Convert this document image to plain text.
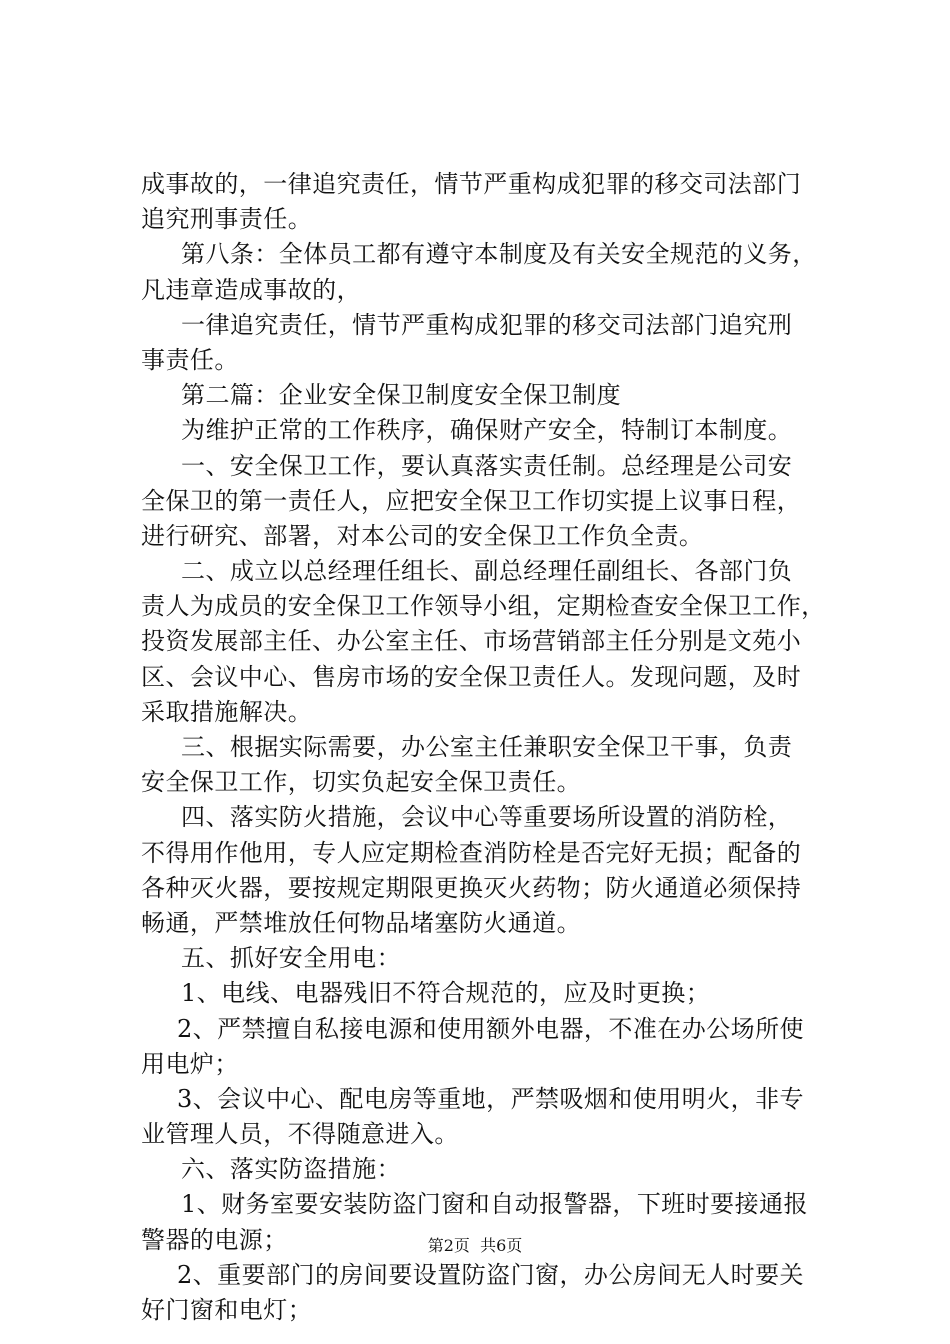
成事故的，一律追究责任，情节严重构成犯罪的移交司法部门
追究刑事责任。
第八条：全体员工都有遵守本制度及有关安全规范的义务，
凡违章造成事故的，
一律追究责任，情节严重构成犯罪的移交司法部门追究刑
事责任。
第二篇：企业安全保卫制度安全保卫制度
为维护正常的工作秩序，确保财产安全，特制订本制度。
一、安全保卫工作，要认真落实责任制。总经理是公司安
全保卫的第一责任人，应把安全保卫工作切实提上议事日程，
进行研究、部署，对本公司的安全保卫工作负全责。
二、成立以总经理任组长、副总经理任副组长、各部门负
责人为成员的安全保卫工作领导小组，定期检查安全保卫工作，
投资发展部主任、办公室主任、市场营销部主任分别是文苑小
区、会议中心、售房市场的安全保卫责任人。发现问题，及时
采取措施解决。
三、根据实际需要，办公室主任兼职安全保卫干事，负责
安全保卫工作，切实负起安全保卫责任。
四、落实防火措施，会议中心等重要场所设置的消防栓，
不得用作他用，专人应定期检查消防栓是否完好无损；配备的
各种灭火器，要按规定期限更换灭火药物；防火通道必须保持
畅通，严禁堆放任何物品堵塞防火通道。
五、抓好安全用电：
1、电线、电器残旧不符合规范的，应及时更换；
2、严禁擅自私接电源和使用额外电器，不准在办公场所使
用电炉；
3、会议中心、配电房等重地，严禁吸烟和使用明火，非专
业管理人员，不得随意进入。
六、落实防盗措施：
1、财务室要安装防盗门窗和自动报警器，下班时要接通报
警器的电源；
2、重要部门的房间要设置防盗门窗，办公房间无人时要关
好门窗和电灯；
第2页  共6页
